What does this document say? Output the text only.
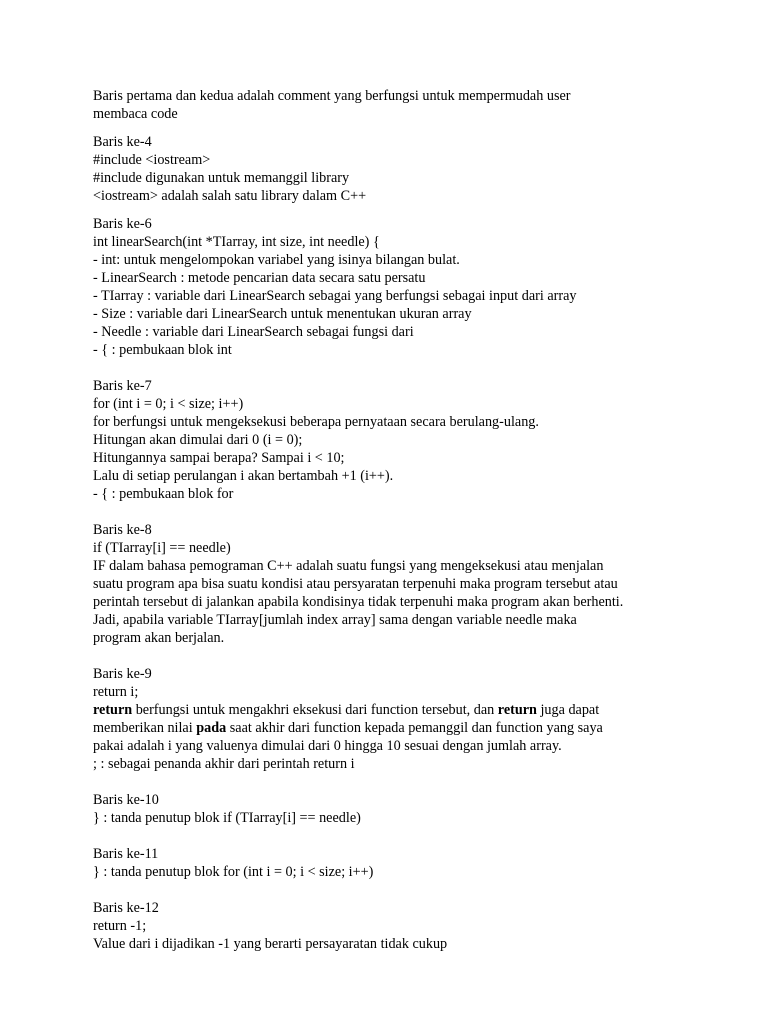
Baris pertama dan kedua adalah comment yang berfungsi untuk mempermudah user
membaca code
Baris ke-4
#include <iostream>
#include digunakan untuk memanggil library
<iostream> adalah salah satu library dalam C++
Baris ke-6
int linearSearch(int *TIarray, int size, int needle) {
- int: untuk mengelompokan variabel yang isinya bilangan bulat.
- LinearSearch : metode pencarian data secara satu persatu
- TIarray : variable dari LinearSearch sebagai yang berfungsi sebagai input dari array
- Size : variable dari LinearSearch untuk menentukan ukuran array
- Needle : variable dari LinearSearch sebagai fungsi dari
- { : pembukaan blok int
Baris ke-7
for (int i = 0; i < size; i++)
for berfungsi untuk mengeksekusi beberapa pernyataan secara berulang-ulang.
Hitungan akan dimulai dari 0 (i = 0);
Hitungannya sampai berapa? Sampai i < 10;
Lalu di setiap perulangan i akan bertambah +1 (i++).
- { : pembukaan blok for
Baris ke-8
if (TIarray[i] == needle)
IF dalam bahasa pemograman C++ adalah suatu fungsi yang mengeksekusi atau menjalan
suatu program apa bisa suatu kondisi atau persyaratan terpenuhi maka program tersebut atau
perintah tersebut di jalankan apabila kondisinya tidak terpenuhi maka program akan berhenti.
Jadi, apabila variable TIarray[jumlah index array] sama dengan variable needle maka
program akan berjalan.
Baris ke-9
return i;
return berfungsi untuk mengakhri eksekusi dari function tersebut, dan return juga dapat
memberikan nilai pada saat akhir dari function kepada pemanggil dan function yang saya
pakai adalah i yang valuenya dimulai dari 0 hingga 10 sesuai dengan jumlah array.
; : sebagai penanda akhir dari perintah return i
Baris ke-10
} : tanda penutup blok if (TIarray[i] == needle)
Baris ke-11
} : tanda penutup blok for (int i = 0; i < size; i++)
Baris ke-12
return -1;
Value dari i dijadikan -1 yang berarti persayaratan tidak cukup
